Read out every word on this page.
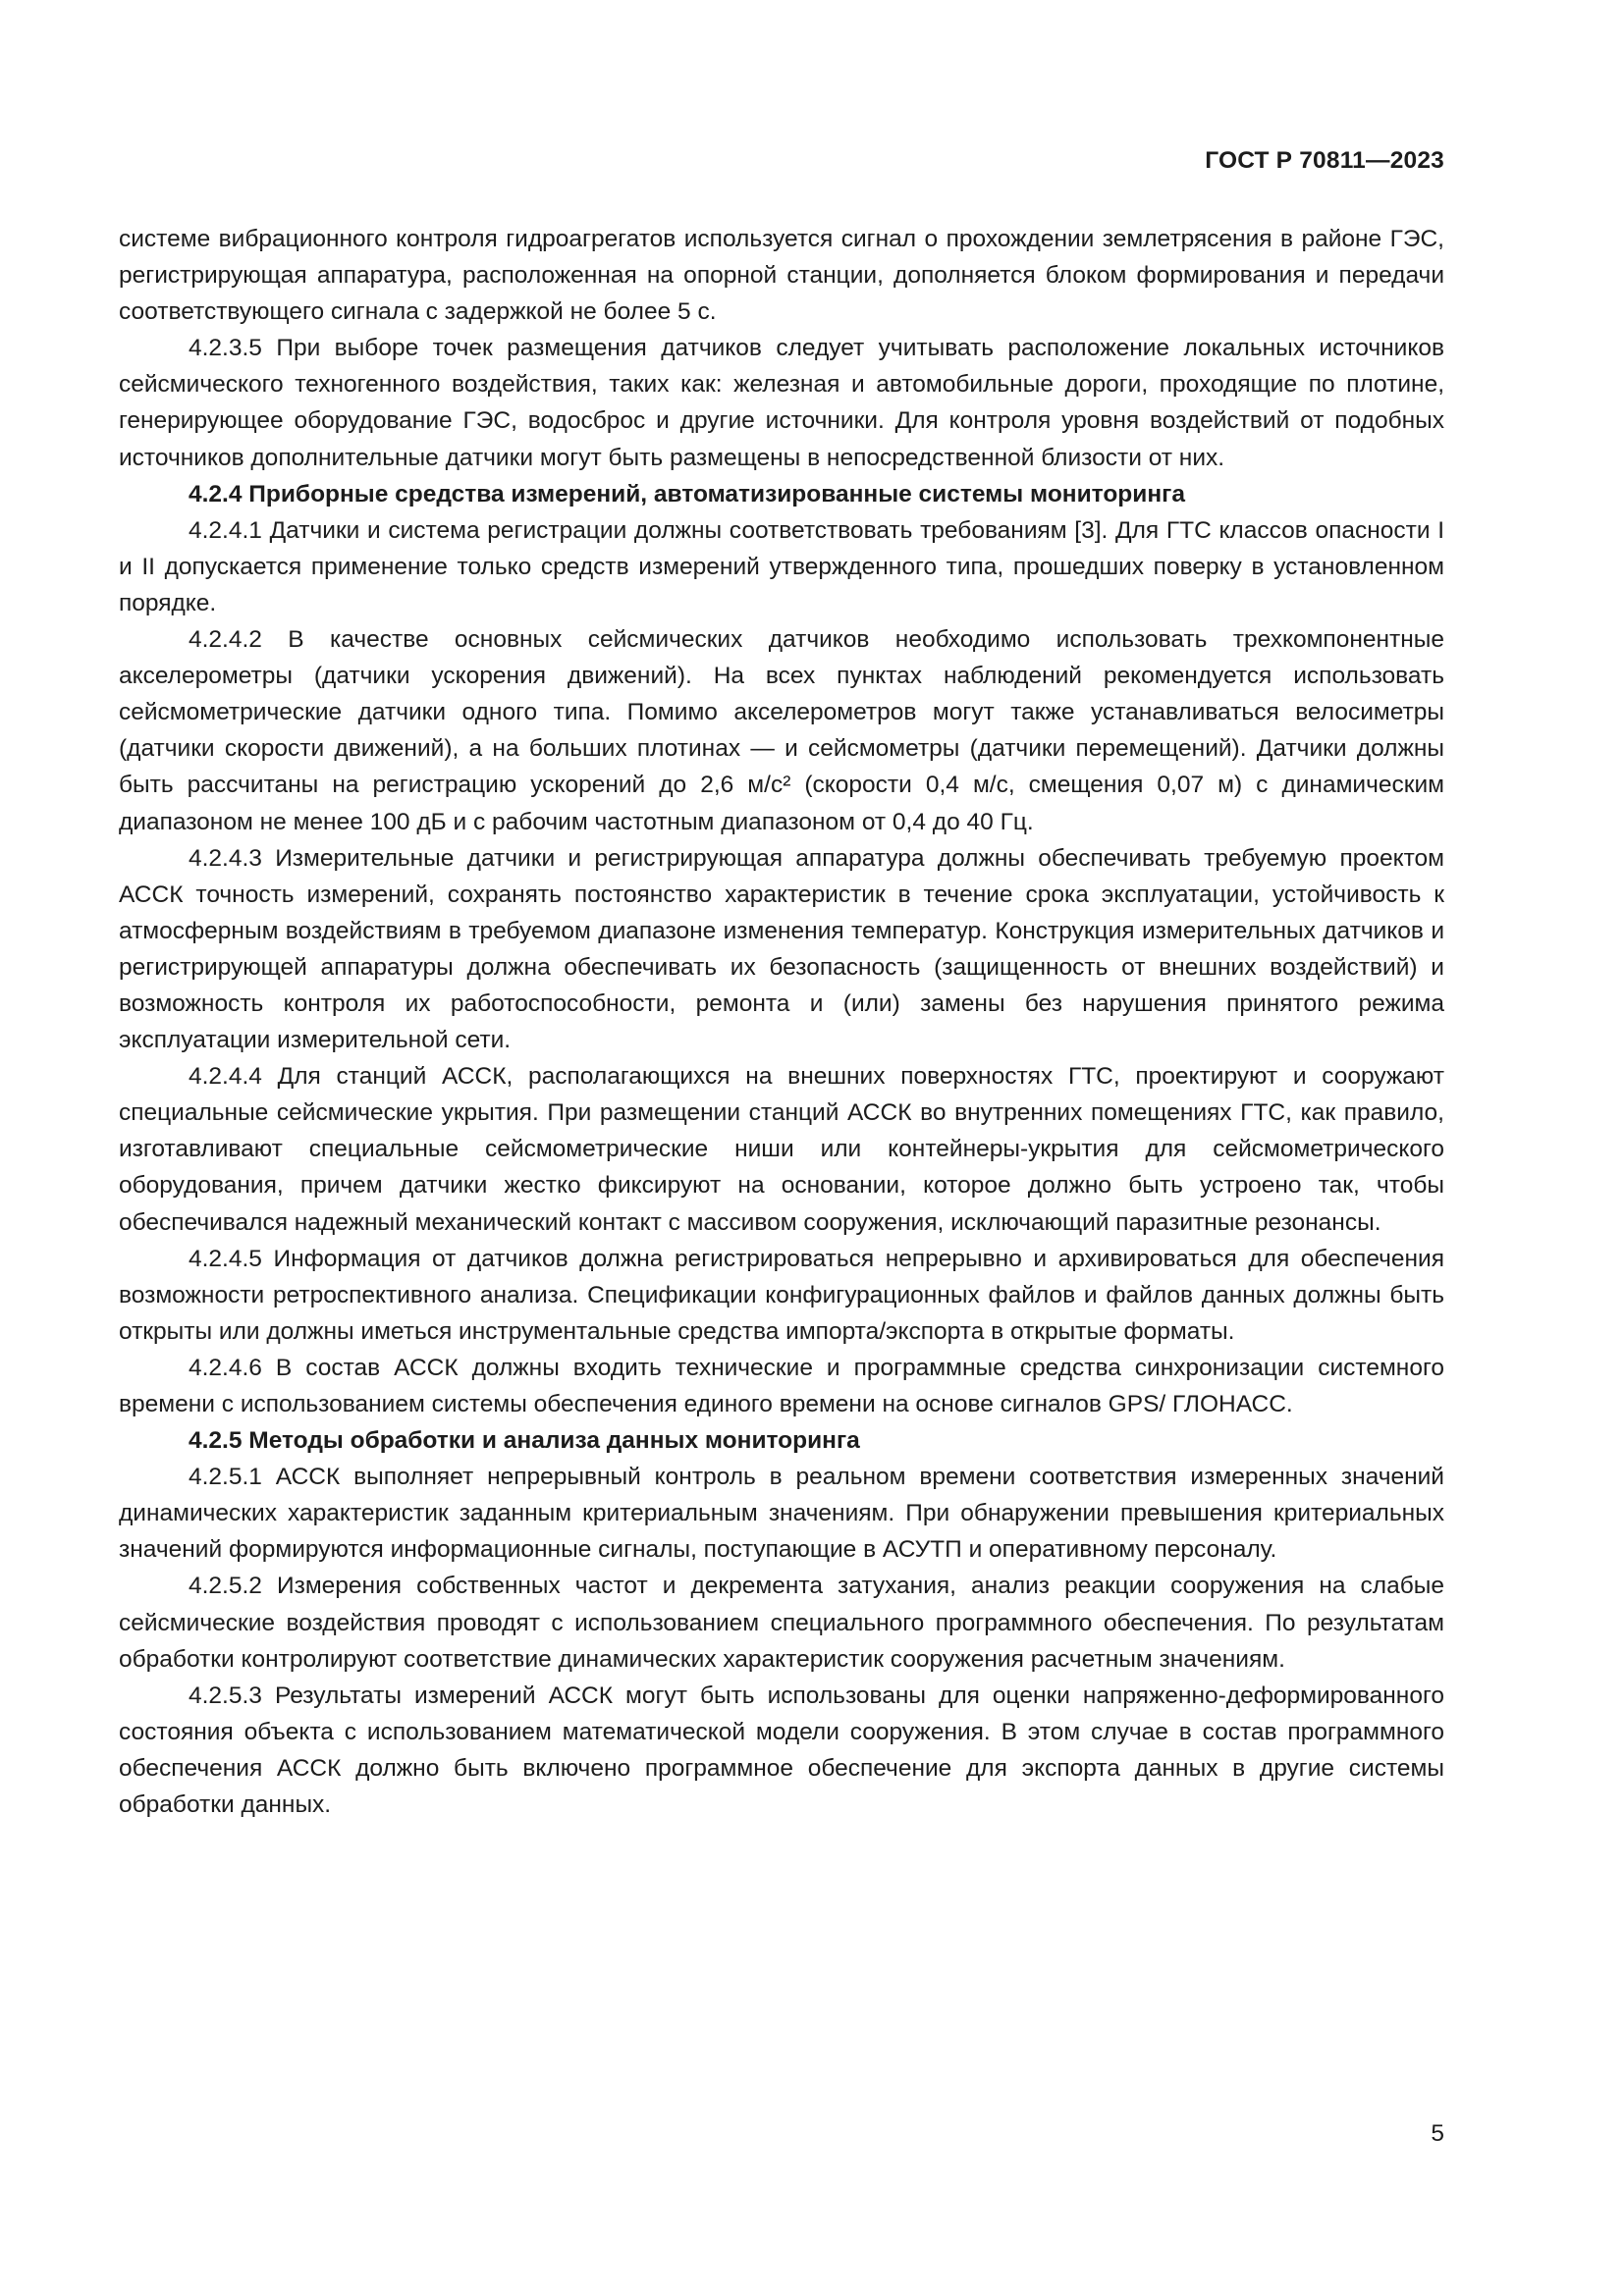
ГОСТ Р 70811—2023

системе вибрационного контроля гидроагрегатов используется сигнал о прохождении землетрясения в районе ГЭС, регистрирующая аппаратура, расположенная на опорной станции, дополняется блоком формирования и передачи соответствующего сигнала с задержкой не более 5 с.

4.2.3.5 При выборе точек размещения датчиков следует учитывать расположение локальных источников сейсмического техногенного воздействия, таких как: железная и автомобильные дороги, проходящие по плотине, генерирующее оборудование ГЭС, водосброс и другие источники. Для контроля уровня воздействий от подобных источников дополнительные датчики могут быть размещены в непосредственной близости от них.

4.2.4 Приборные средства измерений, автоматизированные системы мониторинга

4.2.4.1 Датчики и система регистрации должны соответствовать требованиям [3]. Для ГТС классов опасности I и II допускается применение только средств измерений утвержденного типа, прошедших поверку в установленном порядке.

4.2.4.2 В качестве основных сейсмических датчиков необходимо использовать трехкомпонентные акселерометры (датчики ускорения движений). На всех пунктах наблюдений рекомендуется использовать сейсмометрические датчики одного типа. Помимо акселерометров могут также устанавливаться велосиметры (датчики скорости движений), а на больших плотинах — и сейсмометры (датчики перемещений). Датчики должны быть рассчитаны на регистрацию ускорений до 2,6 м/с² (скорости 0,4 м/с, смещения 0,07 м) с динамическим диапазоном не менее 100 дБ и с рабочим частотным диапазоном от 0,4 до 40 Гц.

4.2.4.3 Измерительные датчики и регистрирующая аппаратура должны обеспечивать требуемую проектом АССК точность измерений, сохранять постоянство характеристик в течение срока эксплуатации, устойчивость к атмосферным воздействиям в требуемом диапазоне изменения температур. Конструкция измерительных датчиков и регистрирующей аппаратуры должна обеспечивать их безопасность (защищенность от внешних воздействий) и возможность контроля их работоспособности, ремонта и (или) замены без нарушения принятого режима эксплуатации измерительной сети.

4.2.4.4 Для станций АССК, располагающихся на внешних поверхностях ГТС, проектируют и сооружают специальные сейсмические укрытия. При размещении станций АССК во внутренних помещениях ГТС, как правило, изготавливают специальные сейсмометрические ниши или контейнеры-укрытия для сейсмометрического оборудования, причем датчики жестко фиксируют на основании, которое должно быть устроено так, чтобы обеспечивался надежный механический контакт с массивом сооружения, исключающий паразитные резонансы.

4.2.4.5 Информация от датчиков должна регистрироваться непрерывно и архивироваться для обеспечения возможности ретроспективного анализа. Спецификации конфигурационных файлов и файлов данных должны быть открыты или должны иметься инструментальные средства импорта/экспорта в открытые форматы.

4.2.4.6 В состав АССК должны входить технические и программные средства синхронизации системного времени с использованием системы обеспечения единого времени на основе сигналов GPS/ ГЛОНАСС.

4.2.5 Методы обработки и анализа данных мониторинга

4.2.5.1 АССК выполняет непрерывный контроль в реальном времени соответствия измеренных значений динамических характеристик заданным критериальным значениям. При обнаружении превышения критериальных значений формируются информационные сигналы, поступающие в АСУТП и оперативному персоналу.

4.2.5.2 Измерения собственных частот и декремента затухания, анализ реакции сооружения на слабые сейсмические воздействия проводят с использованием специального программного обеспечения. По результатам обработки контролируют соответствие динамических характеристик сооружения расчетным значениям.

4.2.5.3 Результаты измерений АССК могут быть использованы для оценки напряженно-деформированного состояния объекта с использованием математической модели сооружения. В этом случае в состав программного обеспечения АССК должно быть включено программное обеспечение для экспорта данных в другие системы обработки данных.

5
